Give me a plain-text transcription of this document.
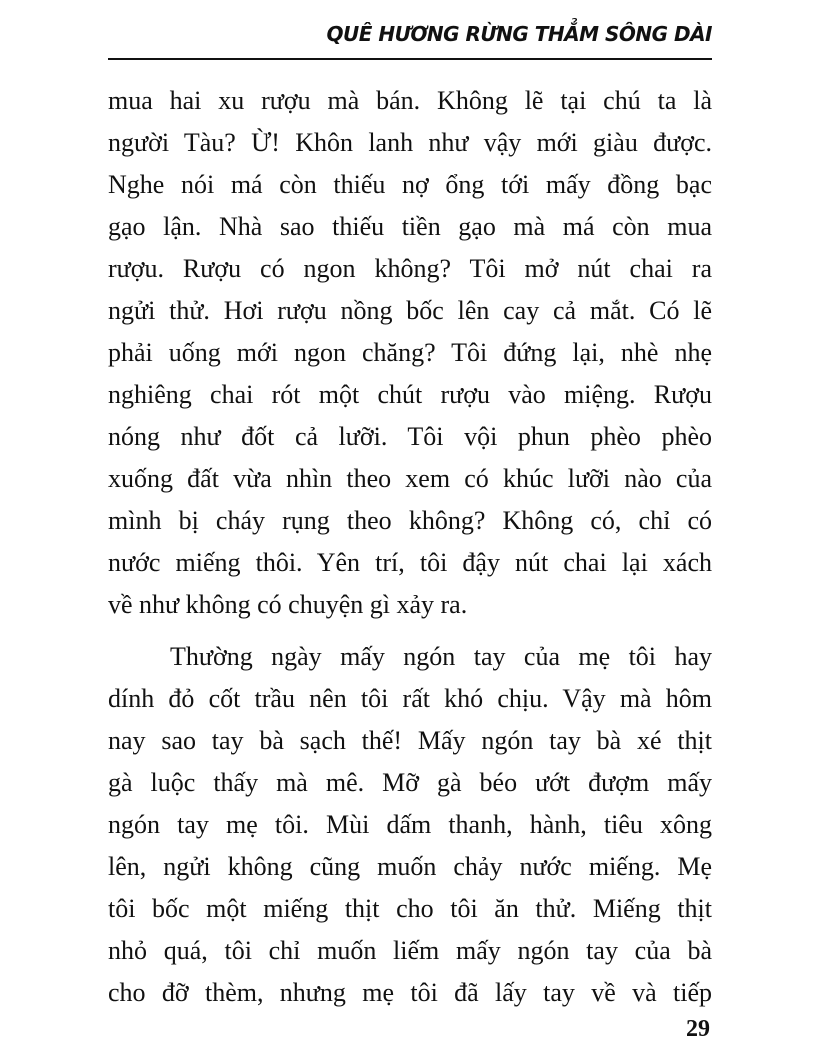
QUÊ HƯƠNG RỪNG THẲM SÔNG DÀI
mua hai xu rượu mà bán. Không lẽ tại chú ta là
người Tàu? Ừ! Khôn lanh như vậy mới giàu được.
Nghe nói má còn thiếu nợ ổng tới mấy đồng bạc
gạo lận. Nhà sao thiếu tiền gạo mà má còn mua
rượu. Rượu có ngon không? Tôi mở nút chai ra
ngửi thử. Hơi rượu nồng bốc lên cay cả mắt. Có lẽ
phải uống mới ngon chăng? Tôi đứng lại, nhè nhẹ
nghiêng chai rót một chút rượu vào miệng. Rượu
nóng như đốt cả lưỡi. Tôi vội phun phèo phèo
xuống đất vừa nhìn theo xem có khúc lưỡi nào của
mình bị cháy rụng theo không? Không có, chỉ có
nước miếng thôi. Yên trí, tôi đậy nút chai lại xách
về như không có chuyện gì xảy ra.
Thường ngày mấy ngón tay của mẹ tôi hay
dính đỏ cốt trầu nên tôi rất khó chịu. Vậy mà hôm
nay sao tay bà sạch thế! Mấy ngón tay bà xé thịt
gà luộc thấy mà mê. Mỡ gà béo ướt đượm mấy
ngón tay mẹ tôi. Mùi dấm thanh, hành, tiêu xông
lên, ngửi không cũng muốn chảy nước miếng. Mẹ
tôi bốc một miếng thịt cho tôi ăn thử. Miếng thịt
nhỏ quá, tôi chỉ muốn liếm mấy ngón tay của bà
cho đỡ thèm, nhưng mẹ tôi đã lấy tay về và tiếp
29
